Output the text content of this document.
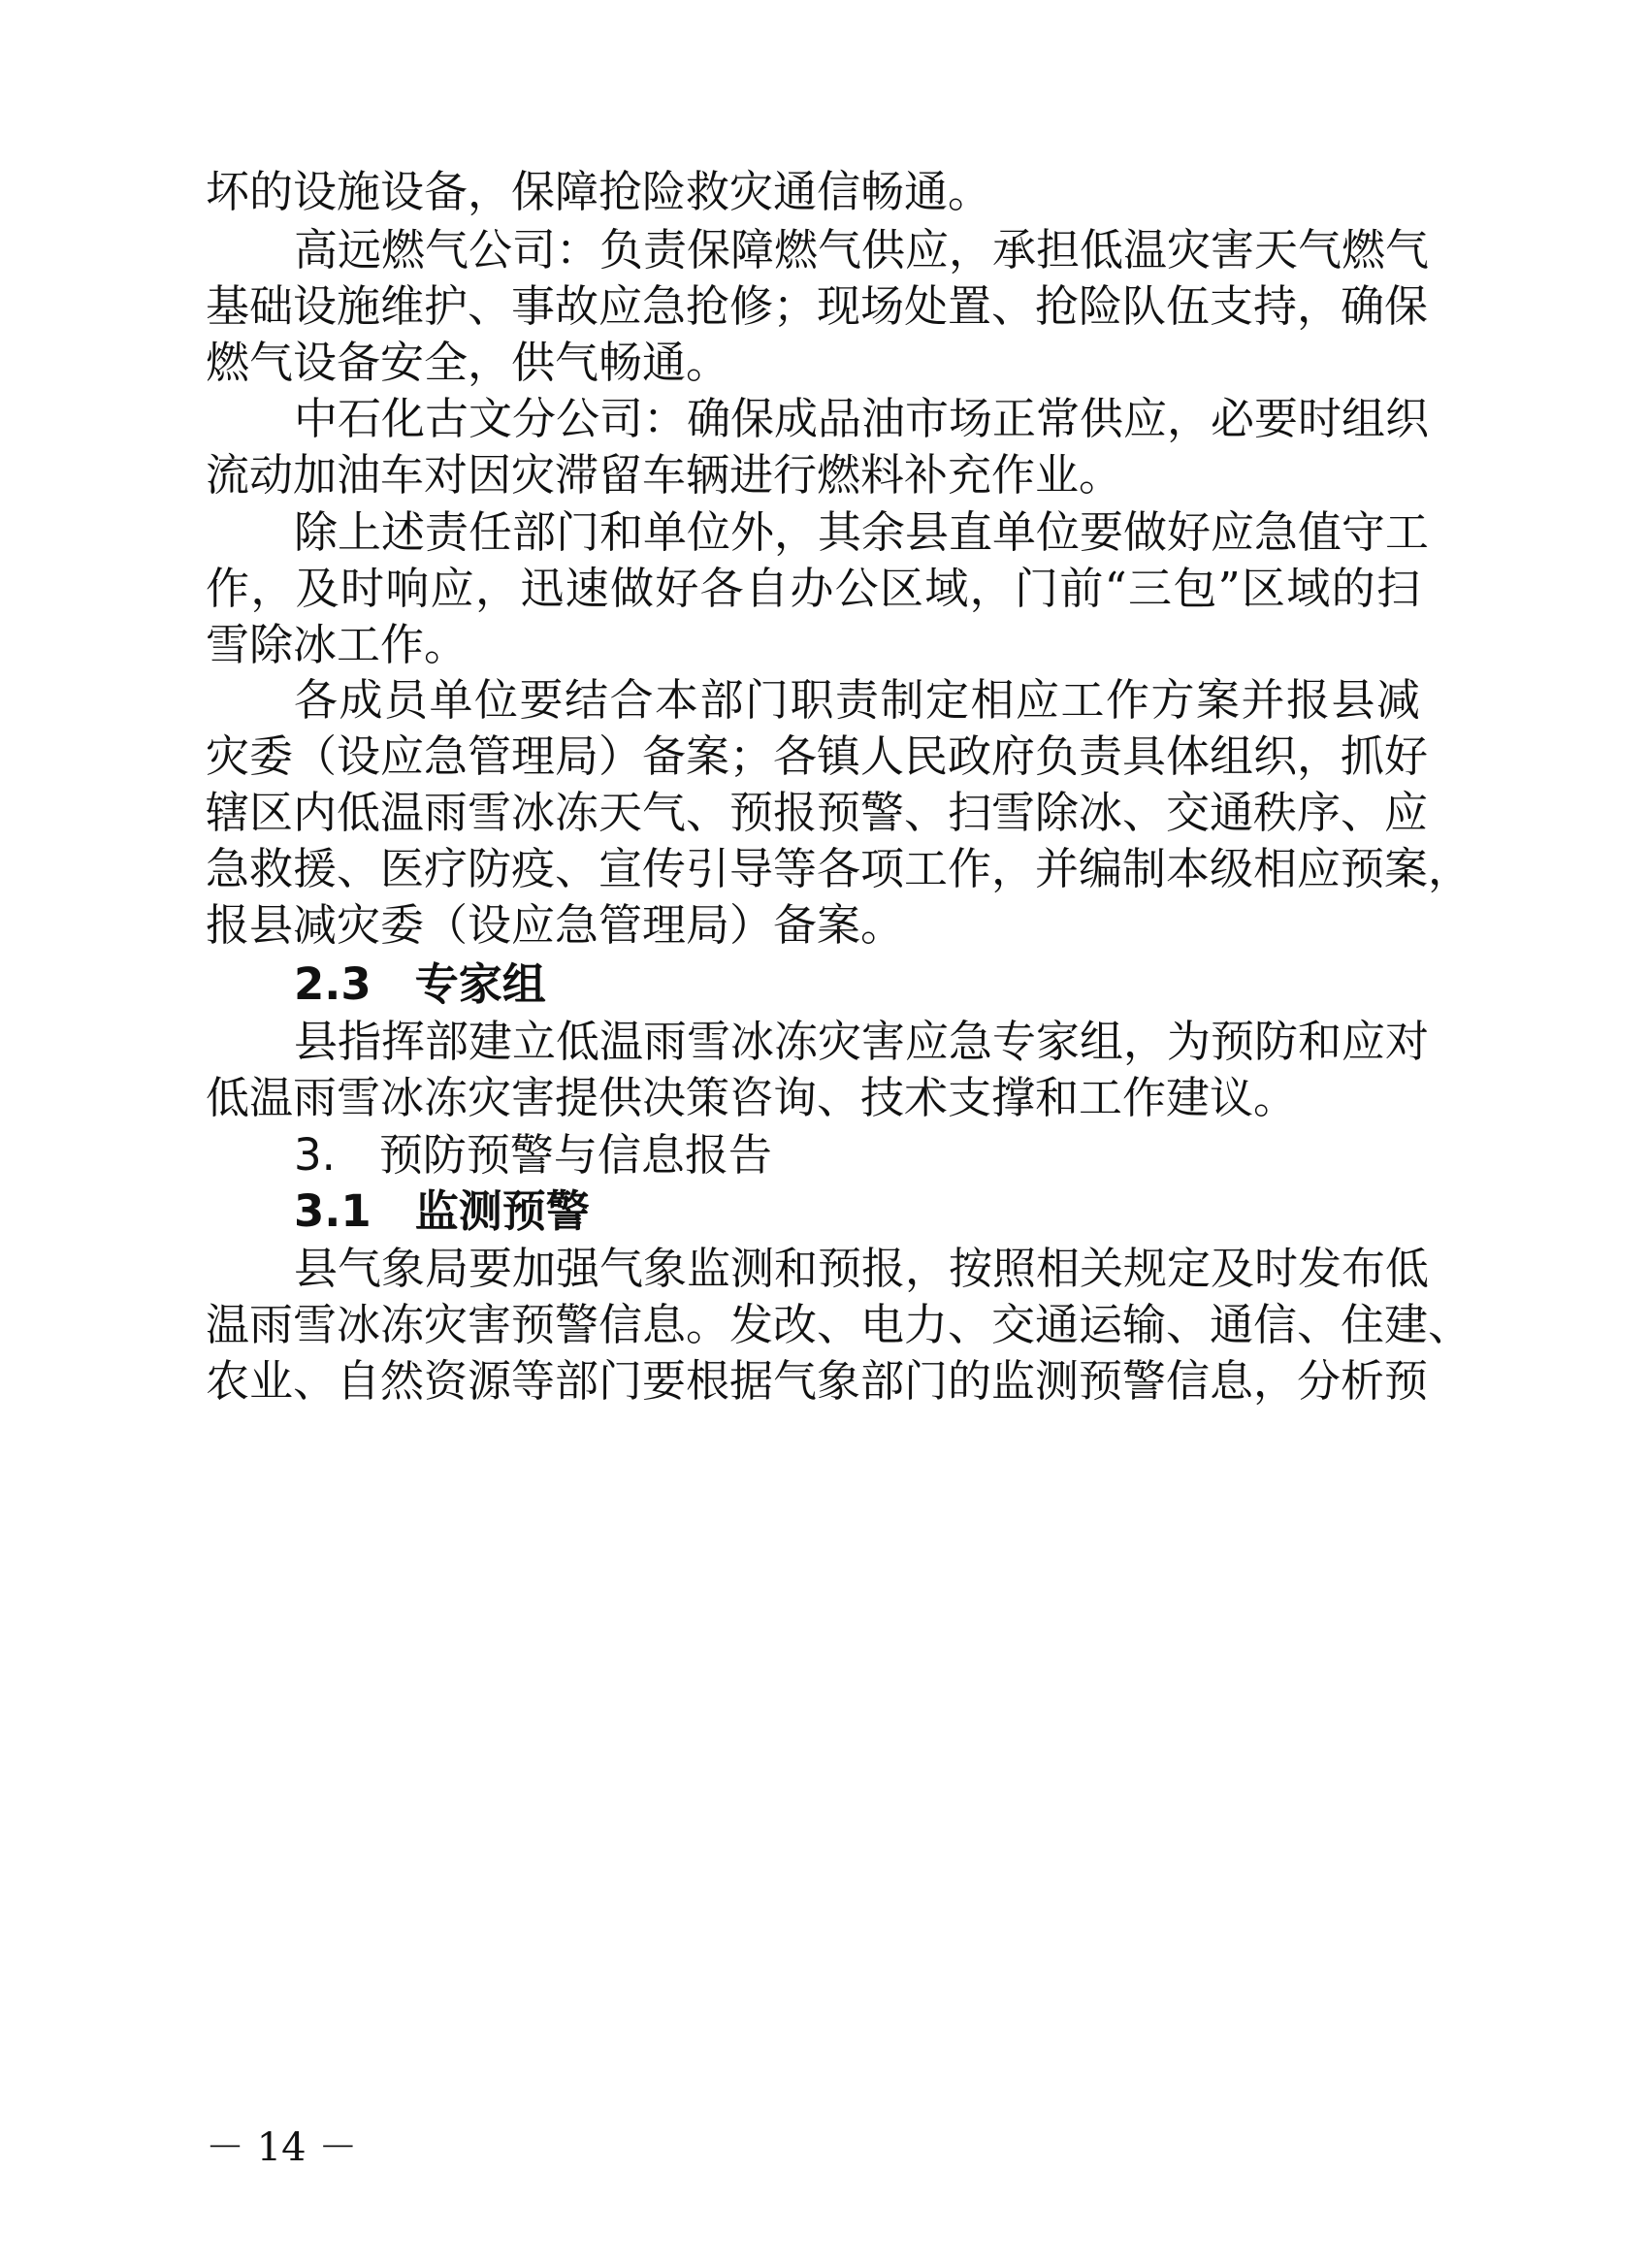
坏的设施设备，保障抢险救灾通信畅通。
高远燃气公司：负责保障燃气供应，承担低温灾害天气燃气
基础设施维护、事故应急抢修；现场处置、抢险队伍支持，确保
燃气设备安全，供气畅通。
中石化古文分公司：确保成品油市场正常供应，必要时组织
流动加油车对因灾滞留车辆进行燃料补充作业。
除上述责任部门和单位外，其余县直单位要做好应急值守工
作，及时响应，迅速做好各自办公区域，门前“三包”区域的扫
雪除冰工作。
各成员单位要结合本部门职责制定相应工作方案并报县减
灾委（设应急管理局）备案；各镇人民政府负责具体组织，抓好
辖区内低温雨雪冰冻天气、预报预警、扫雪除冰、交通秩序、应
急救援、医疗防疫、宣传引导等各项工作，并编制本级相应预案，
报县减灾委（设应急管理局）备案。
2.3　专家组
县指挥部建立低温雨雪冰冻灾害应急专家组，为预防和应对
低温雨雪冰冻灾害提供决策咨询、技术支撑和工作建议。
3.　预防预警与信息报告
3.1　监测预警
县气象局要加强气象监测和预报，按照相关规定及时发布低
温雨雪冰冻灾害预警信息。发改、电力、交通运输、通信、住建、
农业、自然资源等部门要根据气象部门的监测预警信息，分析预
－ 14 －
